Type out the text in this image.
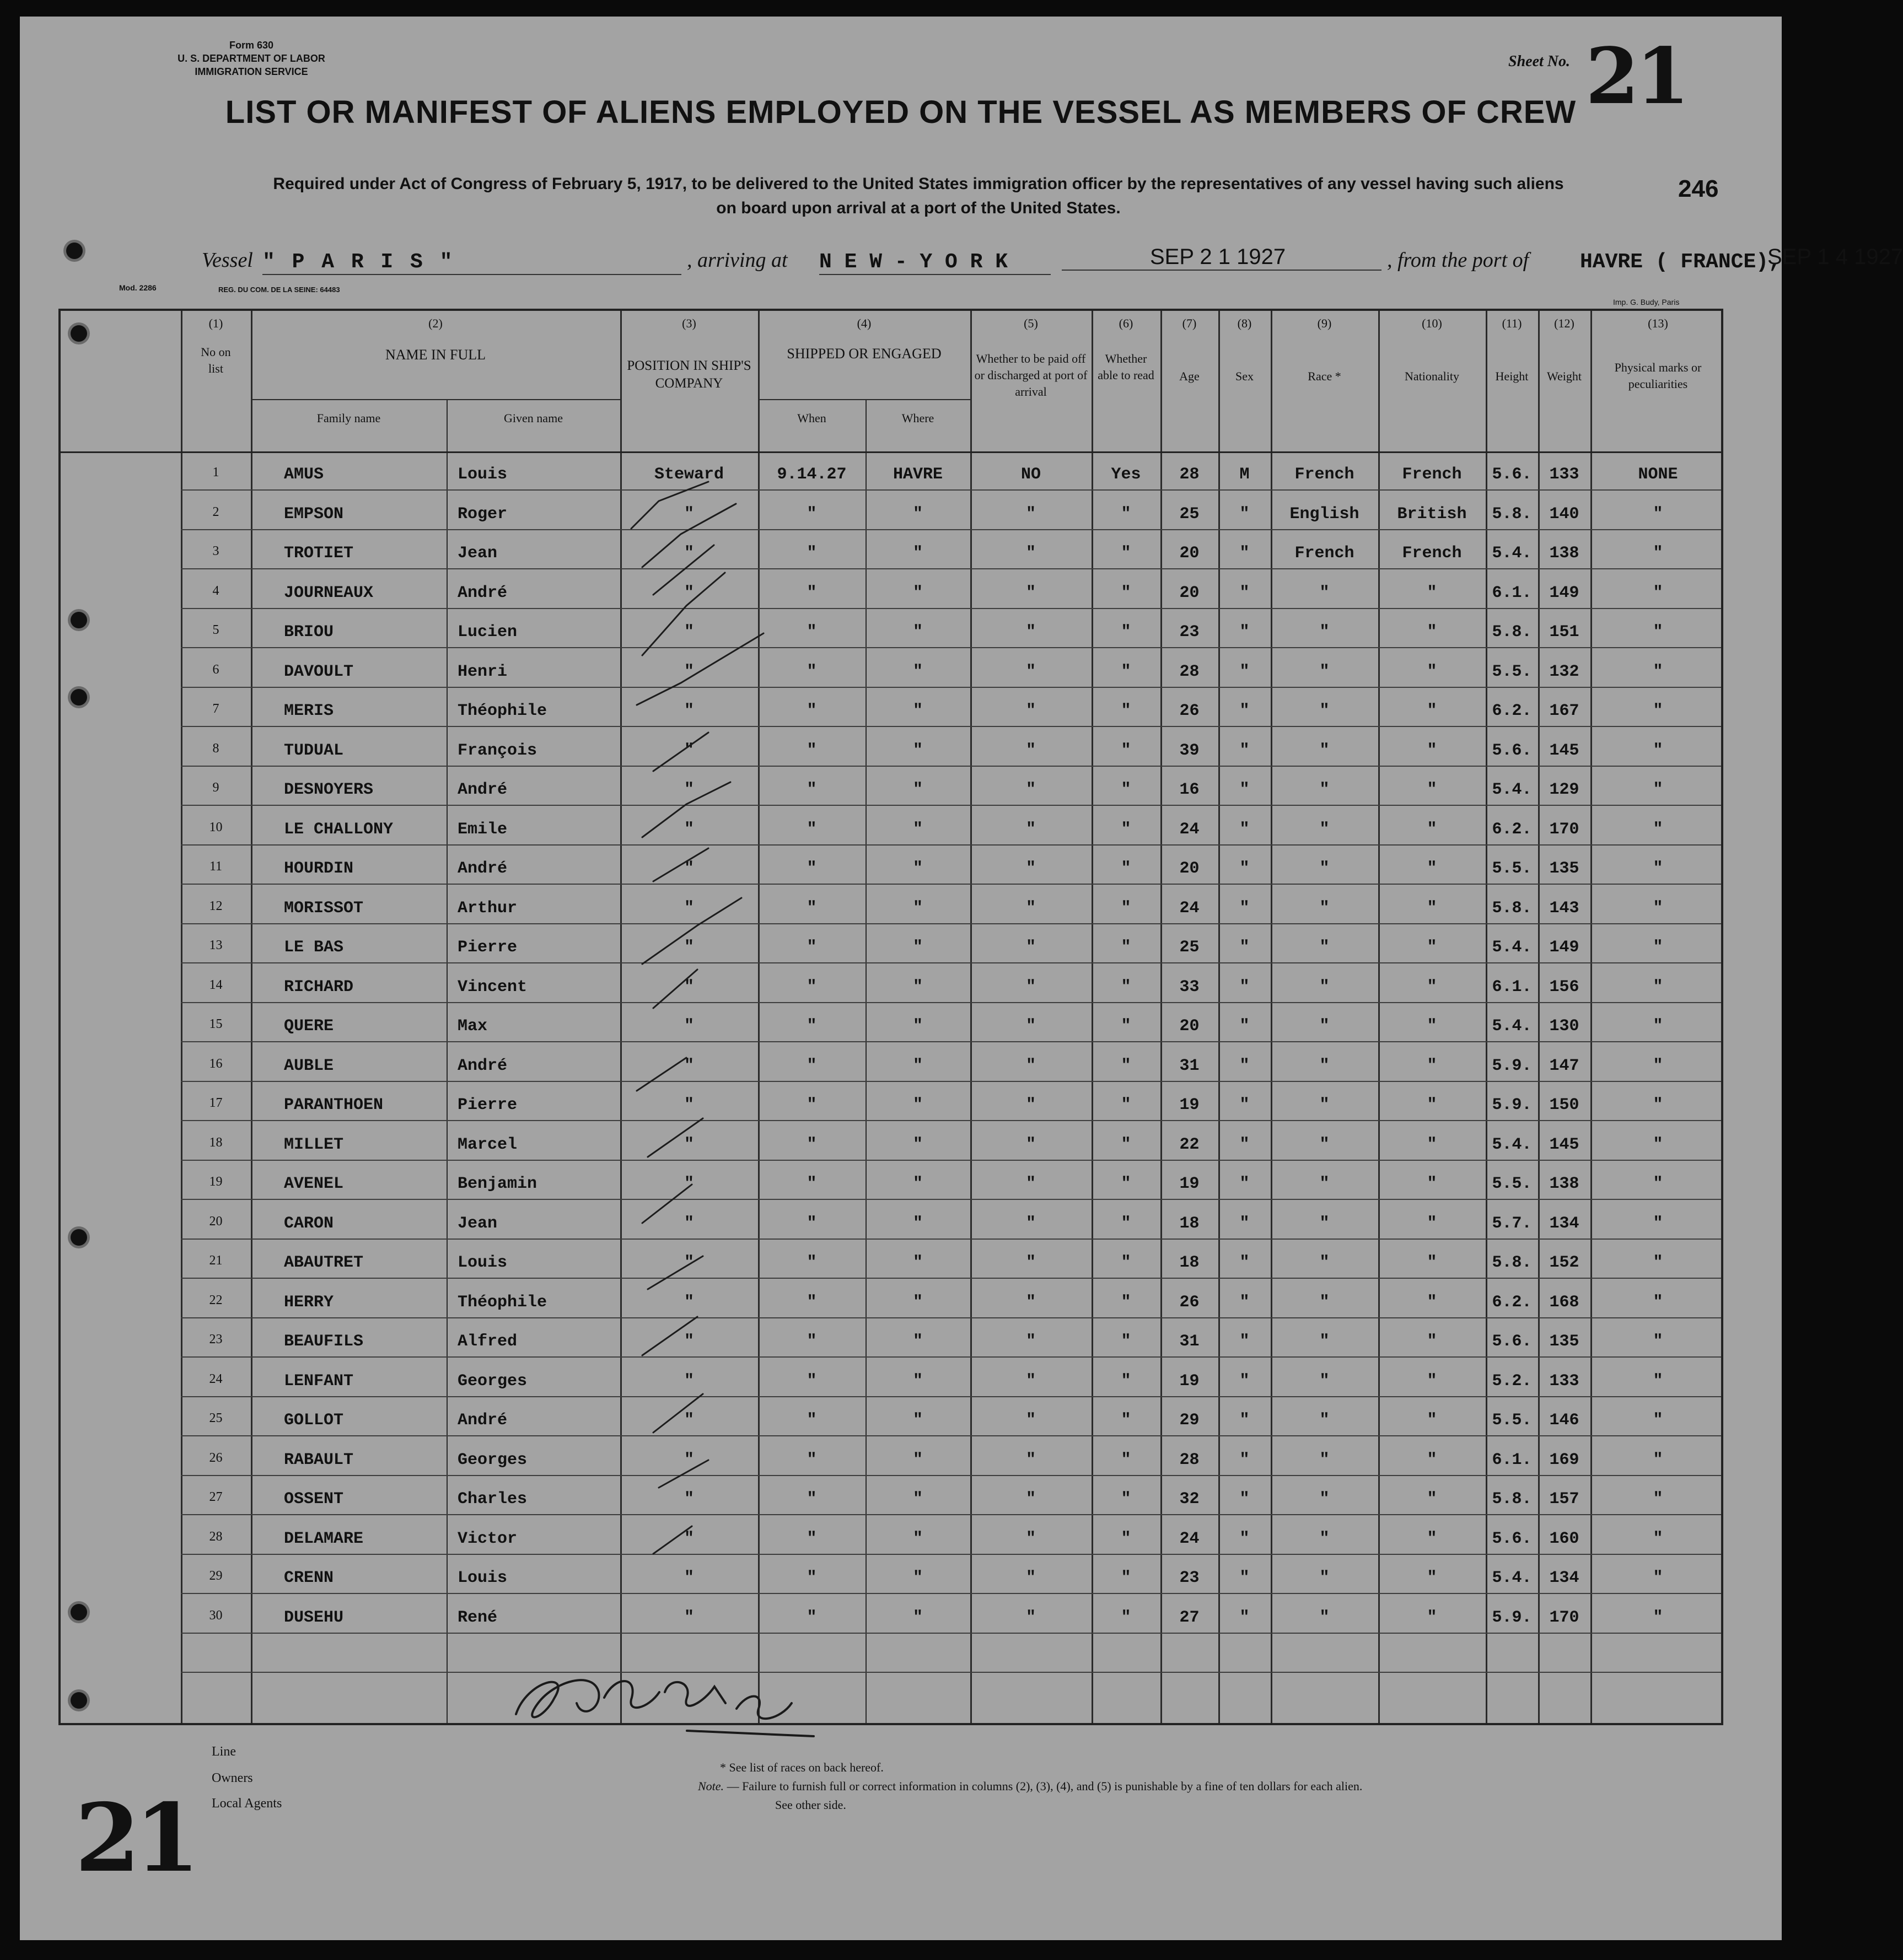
Form 630
U. S. DEPARTMENT OF LABOR
IMMIGRATION SERVICE
Sheet No. 21
LIST OR MANIFEST OF ALIENS EMPLOYED ON THE VESSEL AS MEMBERS OF CREW
Required under Act of Congress of February 5, 1917, to be delivered to the United States immigration officer by the representatives of any vessel having such aliens
on board upon arrival at a port of the United States.
246
Vessel " P A R I S "	, arriving at N E W - Y O R K	SEP 2 1 1927	, from the port of HAVRE ( FRANCE),
SEP 1 4 1927
Mod. 2286	REG. DU COM. DE LA SEINE: 64483
Imp. G. Budy, Paris
(1)
No on list
(2)
NAME IN FULL
Family name	Given name
(3)
POSITION IN SHIP'S COMPANY
(4)
SHIPPED OR ENGAGED
When	Where
(5)
Whether to be paid off or discharged at port of arrival
(6)
Whether able to read
(7)
Age
(8)
Sex
(9)
Race *
(10)
Nationality
(11)
Height
(12)
Weight
(13)
Physical marks or peculiarities
1	AMUS	Louis	Steward	9.14.27	HAVRE	NO	Yes	28	M	French	French	5.6.	133	NONE
2	EMPSON	Roger	"	"	"	"	"	25	"	English	British	5.8.	140	"
3	TROTIET	Jean	"	"	"	"	"	20	"	French	French	5.4.	138	"
4	JOURNEAUX	André	"	"	"	"	"	20	"	"	"	6.1.	149	"
5	BRIOU	Lucien	"	"	"	"	"	23	"	"	"	5.8.	151	"
6	DAVOULT	Henri	"	"	"	"	"	28	"	"	"	5.5.	132	"
7	MERIS	Théophile	"	"	"	"	"	26	"	"	"	6.2.	167	"
8	TUDUAL	François	"	"	"	"	"	39	"	"	"	5.6.	145	"
9	DESNOYERS	André	"	"	"	"	"	16	"	"	"	5.4.	129	"
10	LE CHALLONY	Emile	"	"	"	"	"	24	"	"	"	6.2.	170	"
11	HOURDIN	André	"	"	"	"	"	20	"	"	"	5.5.	135	"
12	MORISSOT	Arthur	"	"	"	"	"	24	"	"	"	5.8.	143	"
13	LE BAS	Pierre	"	"	"	"	"	25	"	"	"	5.4.	149	"
14	RICHARD	Vincent	"	"	"	"	"	33	"	"	"	6.1.	156	"
15	QUERE	Max	"	"	"	"	"	20	"	"	"	5.4.	130	"
16	AUBLE	André	"	"	"	"	"	31	"	"	"	5.9.	147	"
17	PARANTHOEN	Pierre	"	"	"	"	"	19	"	"	"	5.9.	150	"
18	MILLET	Marcel	"	"	"	"	"	22	"	"	"	5.4.	145	"
19	AVENEL	Benjamin	"	"	"	"	"	19	"	"	"	5.5.	138	"
20	CARON	Jean	"	"	"	"	"	18	"	"	"	5.7.	134	"
21	ABAUTRET	Louis	"	"	"	"	"	18	"	"	"	5.8.	152	"
22	HERRY	Théophile	"	"	"	"	"	26	"	"	"	6.2.	168	"
23	BEAUFILS	Alfred	"	"	"	"	"	31	"	"	"	5.6.	135	"
24	LENFANT	Georges	"	"	"	"	"	19	"	"	"	5.2.	133	"
25	GOLLOT	André	"	"	"	"	"	29	"	"	"	5.5.	146	"
26	RABAULT	Georges	"	"	"	"	"	28	"	"	"	6.1.	169	"
27	OSSENT	Charles	"	"	"	"	"	32	"	"	"	5.8.	157	"
28	DELAMARE	Victor	"	"	"	"	"	24	"	"	"	5.6.	160	"
29	CRENN	Louis	"	"	"	"	"	23	"	"	"	5.4.	134	"
30	DUSEHU	René	"	"	"	"	"	27	"	"	"	5.9.	170	"
Line
Owners
Local Agents
* See list of races on back hereof.
Note. — Failure to furnish full or correct information in columns (2), (3), (4), and (5) is punishable by a fine of ten dollars for each alien.
See other side.
21
